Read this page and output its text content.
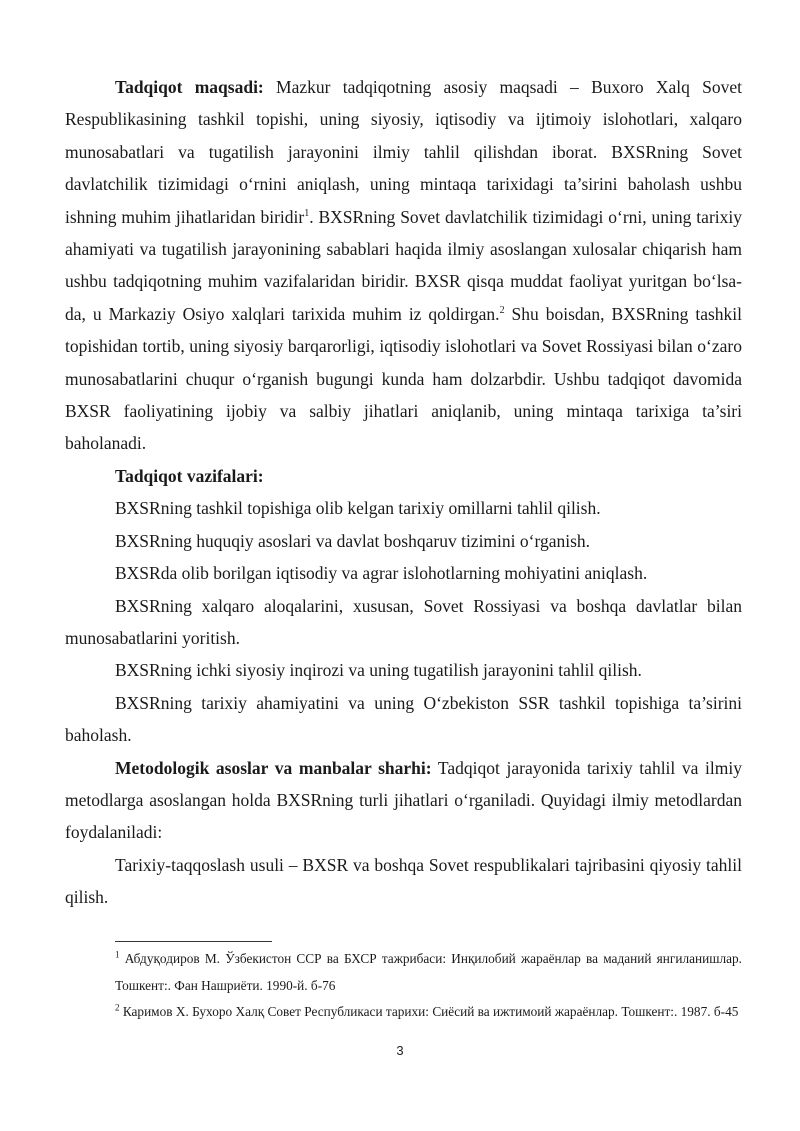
Tadqiqot maqsadi: Mazkur tadqiqotning asosiy maqsadi – Buxoro Xalq Sovet Respublikasining tashkil topishi, uning siyosiy, iqtisodiy va ijtimoiy islohotlari, xalqaro munosabatlari va tugatilish jarayonini ilmiy tahlil qilishdan iborat. BXSRning Sovet davlatchilik tizimidagi o‘rnini aniqlash, uning mintaqa tarixidagi ta’sirini baholash ushbu ishning muhim jihatlaridan biridir$^1$. BXSRning Sovet davlatchilik tizimidagi o‘rni, uning tarixiy ahamiyati va tugatilish jarayonining sabablari haqida ilmiy asoslangan xulosalar chiqarish ham ushbu tadqiqotning muhim vazifalaridan biridir. BXSR qisqa muddat faoliyat yuritgan bo‘lsa-da, u Markaziy Osiyo xalqlari tarixida muhim iz qoldirgan.$^2$ Shu boisdan, BXSRning tashkil topishidan tortib, uning siyosiy barqarorligi, iqtisodiy islohotlari va Sovet Rossiyasi bilan o‘zaro munosabatlarini chuqur o‘rganish bugungi kunda ham dolzarbdir. Ushbu tadqiqot davomida BXSR faoliyatining ijobiy va salbiy jihatlari aniqlanib, uning mintaqa tarixiga ta’siri baholanadi.

Tadqiqot vazifalari:

BXSRning tashkil topishiga olib kelgan tarixiy omillarni tahlil qilish.

BXSRning huquqiy asoslari va davlat boshqaruv tizimini o‘rganish.

BXSRda olib borilgan iqtisodiy va agrar islohotlarning mohiyatini aniqlash.

BXSRning xalqaro aloqalarini, xususan, Sovet Rossiyasi va boshqa davlatlar bilan munosabatlarini yoritish.

BXSRning ichki siyosiy inqirozi va uning tugatilish jarayonini tahlil qilish.

BXSRning tarixiy ahamiyatini va uning O‘zbekiston SSR tashkil topishiga ta’sirini baholash.

Metodologik asoslar va manbalar sharhi: Tadqiqot jarayonida tarixiy tahlil va ilmiy metodlarga asoslangan holda BXSRning turli jihatlari o‘rganiladi. Quyidagi ilmiy metodlardan foydalaniladi:

Tarixiy-taqqoslash usuli – BXSR va boshqa Sovet respublikalari tajribasini qiyosiy tahlil qilish.

$^1$ Абдуқодиров М. Ўзбекистон ССР ва БХСР тажрибаси: Инқилобий жараёнлар ва маданий янгиланишлар. Тошкент:. Фан Нашриёти. 1990-й. б-76

$^2$ Каримов Х. Бухоро Халқ Совет Республикаси тарихи: Сиёсий ва ижтимоий жараёнлар. Тошкент:. 1987. б-45

3
